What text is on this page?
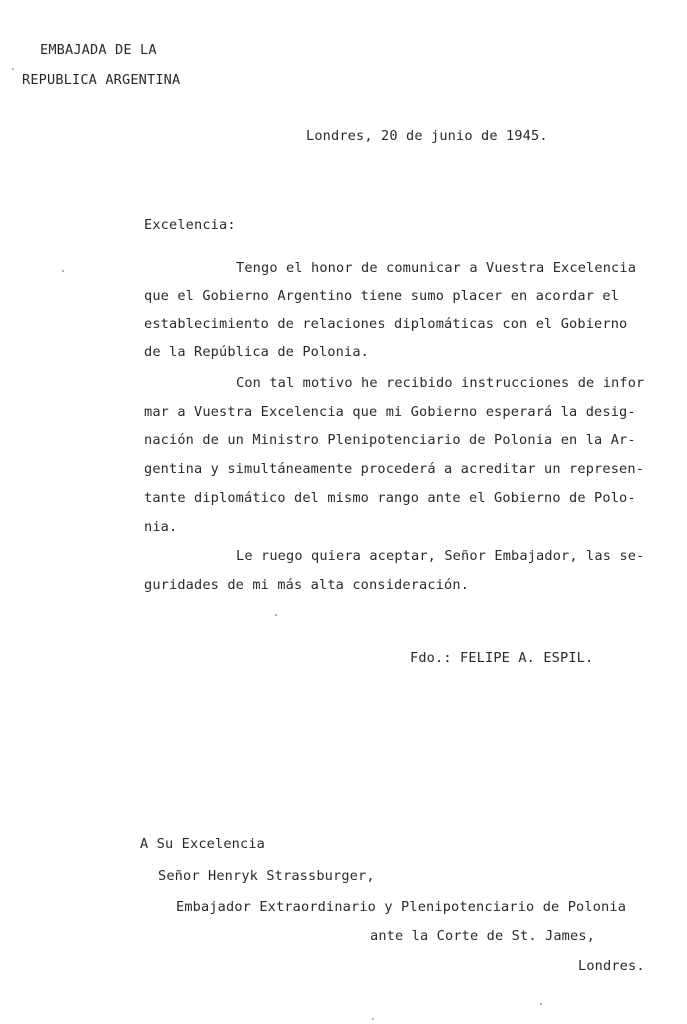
EMBAJADA DE LA
REPUBLICA ARGENTINA
Londres, 20 de junio de 1945.
Excelencia:
Tengo el honor de comunicar a Vuestra Excelencia
que el Gobierno Argentino tiene sumo placer en acordar el
establecimiento de relaciones diplomáticas con el Gobierno
de la República de Polonia.
Con tal motivo he recibido instrucciones de infor
mar a Vuestra Excelencia que mi Gobierno esperará la desig-
nación de un Ministro Plenipotenciario de Polonia en la Ar-
gentina y simultáneamente procederá a acreditar un represen-
tante diplomático del mismo rango ante el Gobierno de Polo-
nia.
Le ruego quiera aceptar, Señor Embajador, las se-
guridades de mi más alta consideración.
Fdo.: FELIPE A. ESPIL.
A Su Excelencia
Señor Henryk Strassburger,
Embajador Extraordinario y Plenipotenciario de Polonia
ante la Corte de St. James,
Londres.
